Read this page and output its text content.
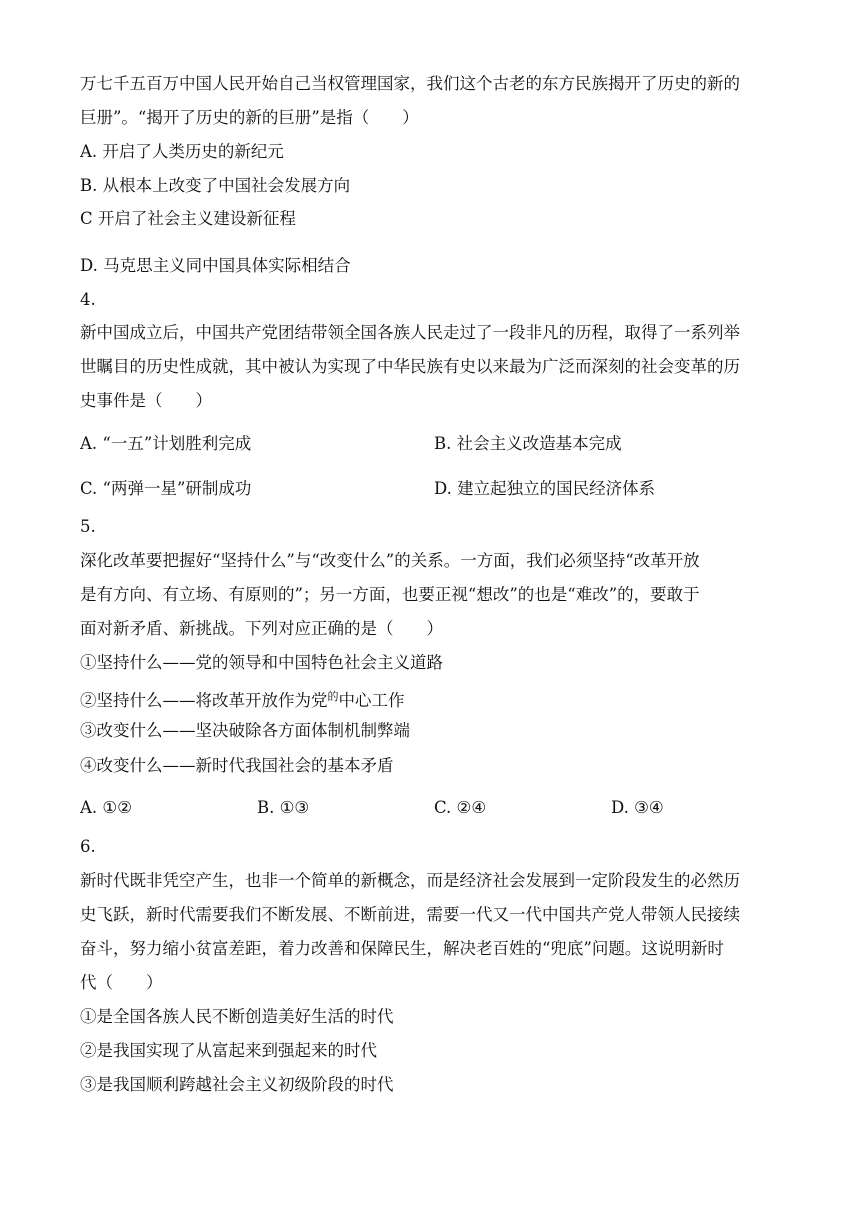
万七千五百万中国人民开始自己当权管理国家，我们这个古老的东方民族揭开了历史的新的
巨册”。“揭开了历史的新的巨册”是指（　　）
A. 开启了人类历史的新纪元
B. 从根本上改变了中国社会发展方向
C 开启了社会主义建设新征程
D. 马克思主义同中国具体实际相结合
4.
新中国成立后，中国共产党团结带领全国各族人民走过了一段非凡的历程，取得了一系列举
世瞩目的历史性成就，其中被认为实现了中华民族有史以来最为广泛而深刻的社会变革的历
史事件是（　　）
A. “一五”计划胜利完成	B. 社会主义改造基本完成
C. “两弹一星”研制成功	D. 建立起独立的国民经济体系
5.
深化改革要把握好“坚持什么”与“改变什么”的关系。一方面，我们必须坚持“改革开放
是有方向、有立场、有原则的”；另一方面，也要正视“想改”的也是“难改”的，要敢于
面对新矛盾、新挑战。下列对应正确的是（　　）
①坚持什么——党的领导和中国特色社会主义道路
②坚持什么——将改革开放作为党$^的$中心工作
③改变什么——坚决破除各方面体制机制弊端
④改变什么——新时代我国社会的基本矛盾
A. ①②	B. ①③	C. ②④	D. ③④
6.
新时代既非凭空产生，也非一个简单的新概念，而是经济社会发展到一定阶段发生的必然历
史飞跃，新时代需要我们不断发展、不断前进，需要一代又一代中国共产党人带领人民接续
奋斗，努力缩小贫富差距，着力改善和保障民生，解决老百姓的“兜底”问题。这说明新时
代（　　）
①是全国各族人民不断创造美好生活的时代
②是我国实现了从富起来到强起来的时代
③是我国顺利跨越社会主义初级阶段的时代
